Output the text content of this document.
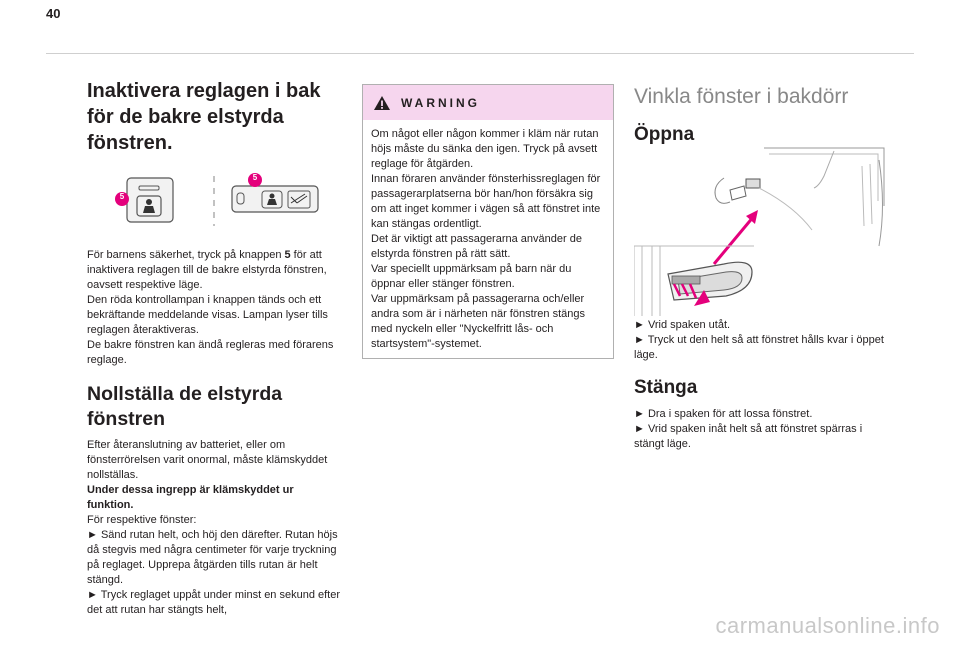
40
Inaktivera reglagen i bak för de bakre elstyrda fönstren.
5
5

För barnens säkerhet, tryck på knappen 5 för att inaktivera reglagen till de bakre elstyrda fönstren, oavsett respektive läge.
Den röda kontrollampan i knappen tänds och ett bekräftande meddelande visas. Lampan lyser tills reglagen återaktiveras.
De bakre fönstren kan ändå regleras med förarens reglage.

Nollställa de elstyrda fönstren

Efter återanslutning av batteriet, eller om fönsterrörelsen varit onormal, måste klämskyddet nollställas.

Under dessa ingrepp är klämskyddet ur funktion.

För respektive fönster:
► Sänd rutan helt, och höj den därefter. Rutan höjs då stegvis med några centimeter för varje tryckning på reglaget. Upprepa åtgärden tills rutan är helt stängd.
► Tryck reglaget uppåt under minst en sekund efter det att rutan har stängts helt,

WARNING
Om något eller någon kommer i kläm när rutan höjs måste du sänka den igen. Tryck på avsett reglage för åtgärden.
Innan föraren använder fönsterhissreglagen för passagerarplatserna bör han/hon försäkra sig om att inget kommer i vägen så att fönstret inte kan stängas ordentligt.
Det är viktigt att passagerarna använder de elstyrda fönstren på rätt sätt.
Var speciellt uppmärksam på barn när du öppnar eller stänger fönstren.
Var uppmärksam på passagerarna och/eller andra som är i närheten när fönstren stängs med nyckeln eller "Nyckelfritt lås- och startsystem"-systemet.
Vinkla fönster i bakdörr
Öppna

► Vrid spaken utåt.
► Tryck ut den helt så att fönstret hålls kvar i öppet läge.

Stänga

► Dra i spaken för att lossa fönstret.
► Vrid spaken inåt helt så att fönstret spärras i stängt läge.

carmanualsonline.info
